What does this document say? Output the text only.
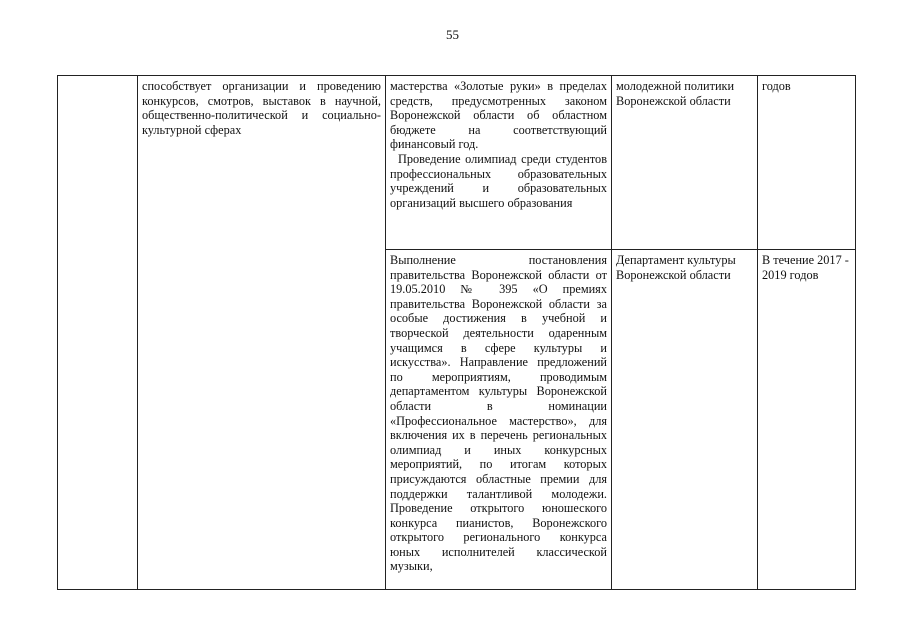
55
	способствует организации и проведению конкурсов, смотров, выставок в научной, общественно-политической и социально-культурной сферах	мастерства «Золотые руки» в пределах средств, предусмотренных законом Воронежской области об областном бюджете на соответствующий финансовый год.
Проведение олимпиад среди студентов профессиональных образовательных учреждений и образовательных организаций высшего образования	молодежной политики Воронежской области	годов
		Выполнение постановления правительства Воронежской области от 19.05.2010 № 395 «О премиях правительства Воронежской области за особые достижения в учебной и творческой деятельности одаренным учащимся в сфере культуры и искусства». Направление предложений по мероприятиям, проводимым департаментом культуры Воронежской области в номинации «Профессиональное мастерство», для включения их в перечень региональных олимпиад и иных конкурсных мероприятий, по итогам которых присуждаются областные премии для поддержки талантливой молодежи. Проведение открытого юношеского конкурса пианистов, Воронежского открытого регионального конкурса юных исполнителей классической музыки,	Департамент культуры Воронежской области	В течение 2017 - 2019 годов
